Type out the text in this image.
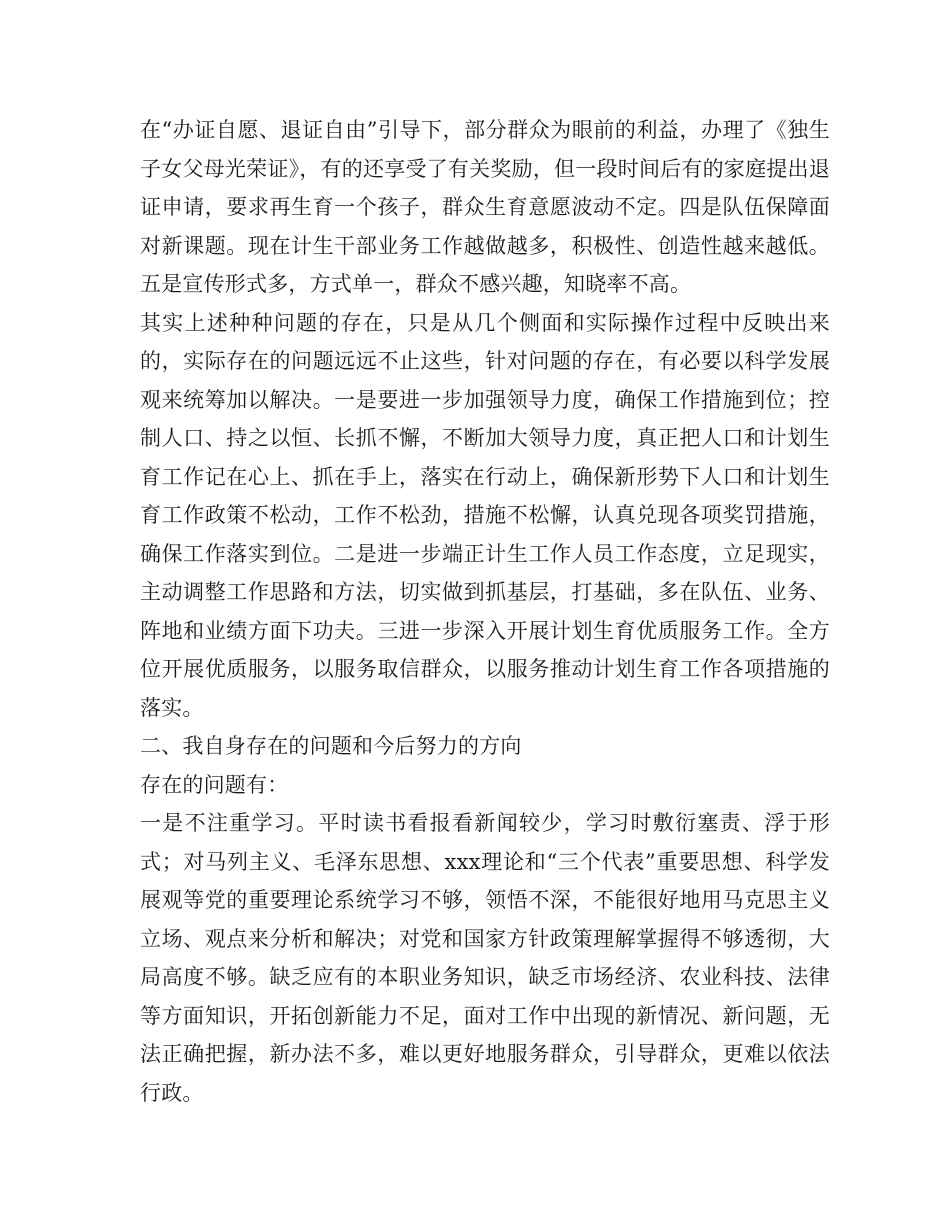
在“办证自愿、退证自由”引导下，部分群众为眼前的利益，办理了《独生子女父母光荣证》，有的还享受了有关奖励，但一段时间后有的家庭提出退证申请，要求再生育一个孩子，群众生育意愿波动不定。四是队伍保障面对新课题。现在计生干部业务工作越做越多，积极性、创造性越来越低。五是宣传形式多，方式单一，群众不感兴趣，知晓率不高。

其实上述种种问题的存在，只是从几个侧面和实际操作过程中反映出来的，实际存在的问题远远不止这些，针对问题的存在，有必要以科学发展观来统筹加以解决。一是要进一步加强领导力度，确保工作措施到位；控制人口、持之以恒、长抓不懈，不断加大领导力度，真正把人口和计划生育工作记在心上、抓在手上，落实在行动上，确保新形势下人口和计划生育工作政策不松动，工作不松劲，措施不松懈，认真兑现各项奖罚措施，确保工作落实到位。二是进一步端正计生工作人员工作态度，立足现实，主动调整工作思路和方法，切实做到抓基层，打基础，多在队伍、业务、阵地和业绩方面下功夫。三进一步深入开展计划生育优质服务工作。全方位开展优质服务，以服务取信群众，以服务推动计划生育工作各项措施的落实。

二、我自身存在的问题和今后努力的方向

存在的问题有：

一是不注重学习。平时读书看报看新闻较少，学习时敷衍塞责、浮于形式；对马列主义、毛泽东思想、xxx理论和“三个代表”重要思想、科学发展观等党的重要理论系统学习不够，领悟不深，不能很好地用马克思主义立场、观点来分析和解决；对党和国家方针政策理解掌握得不够透彻，大局高度不够。缺乏应有的本职业务知识，缺乏市场经济、农业科技、法律等方面知识，开拓创新能力不足，面对工作中出现的新情况、新问题，无法正确把握，新办法不多，难以更好地服务群众，引导群众，更难以依法行政。
